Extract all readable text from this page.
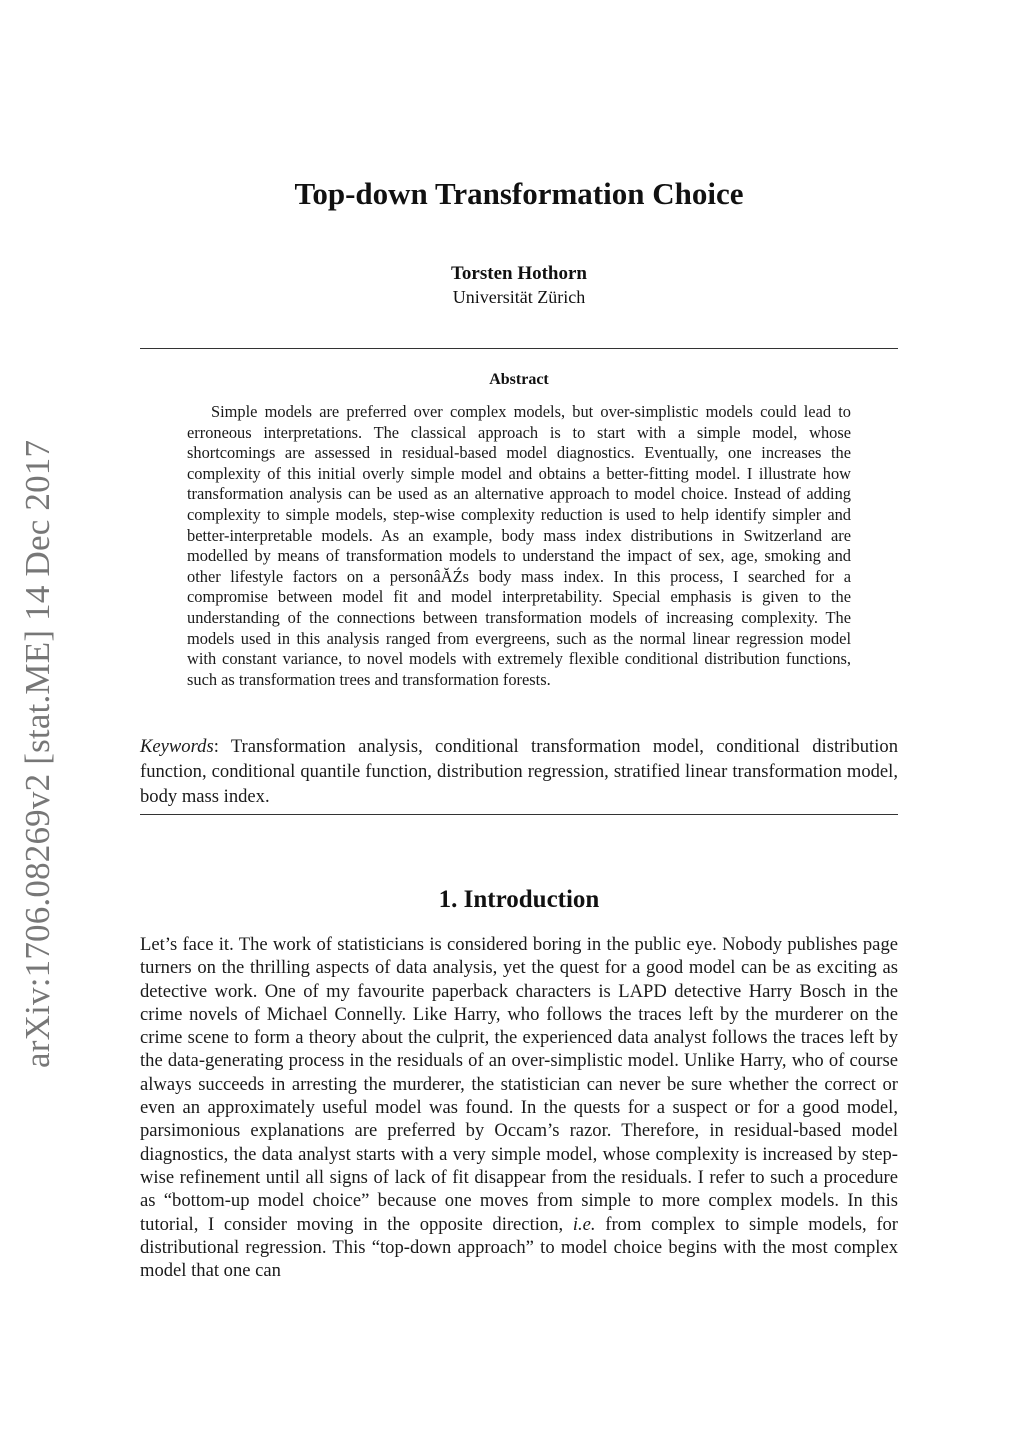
arXiv:1706.08269v2 [stat.ME] 14 Dec 2017
Top-down Transformation Choice
Torsten Hothorn
Universität Zürich
Abstract

Simple models are preferred over complex models, but over-simplistic models could lead to erroneous interpretations. The classical approach is to start with a simple model, whose shortcomings are assessed in residual-based model diagnostics. Eventually, one increases the complexity of this initial overly simple model and obtains a better-fitting model. I illustrate how transformation analysis can be used as an alternative approach to model choice. Instead of adding complexity to simple models, step-wise complexity reduction is used to help identify simpler and better-interpretable models. As an example, body mass index distributions in Switzerland are modelled by means of transformation models to understand the impact of sex, age, smoking and other lifestyle factors on a personâĂŹs body mass index. In this process, I searched for a compromise between model fit and model interpretability. Special emphasis is given to the understanding of the connections between transformation models of increasing complexity. The models used in this analysis ranged from evergreens, such as the normal linear regression model with constant variance, to novel models with extremely flexible conditional distribution functions, such as transformation trees and transformation forests.

Keywords: Transformation analysis, conditional transformation model, conditional distribution function, conditional quantile function, distribution regression, stratified linear transformation model, body mass index.

1. Introduction

Let’s face it. The work of statisticians is considered boring in the public eye. Nobody publishes page turners on the thrilling aspects of data analysis, yet the quest for a good model can be as exciting as detective work. One of my favourite paperback characters is LAPD detective Harry Bosch in the crime novels of Michael Connelly. Like Harry, who follows the traces left by the murderer on the crime scene to form a theory about the culprit, the experienced data analyst follows the traces left by the data-generating process in the residuals of an over-simplistic model. Unlike Harry, who of course always succeeds in arresting the murderer, the statistician can never be sure whether the correct or even an approximately useful model was found. In the quests for a suspect or for a good model, parsimonious explanations are preferred by Occam’s razor. Therefore, in residual-based model diagnostics, the data analyst starts with a very simple model, whose complexity is increased by step-wise refinement until all signs of lack of fit disappear from the residuals. I refer to such a procedure as “bottom-up model choice” because one moves from simple to more complex models. In this tutorial, I consider moving in the opposite direction, i.e. from complex to simple models, for distributional regression. This “top-down approach” to model choice begins with the most complex model that one can
